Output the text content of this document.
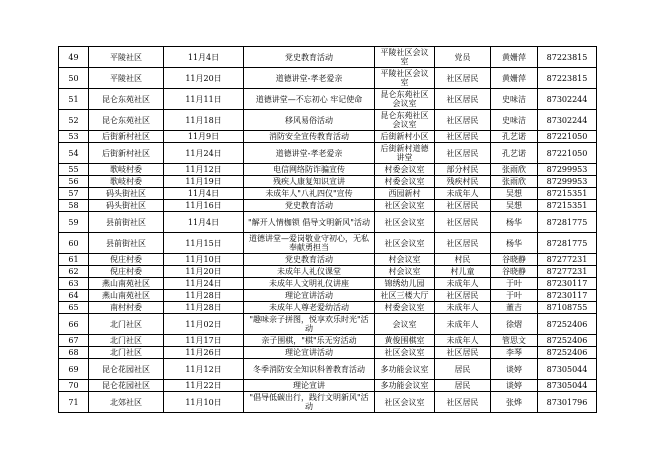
49	平陵社区	11月4日	党史教育活动	平陵社区会议室	党员	黄姗萍	87223815
50	平陵社区	11月20日	道德讲堂-孝老爱亲	平陵社区会议室	社区居民	黄姗萍	87223815
51	昆仑东苑社区	11月11日	道德讲堂—不忘初心 牢记使命	昆仑东苑社区会议室	社区居民	史味洁	87302244
52	昆仑东苑社区	11月18日	移风易俗活动	昆仑东苑社区会议室	社区居民	史味洁	87302244
53	后街新村社区	11月9日	消防安全宣传教育活动	后街新村小区	社区居民	孔艺诺	87221050
54	后街新村社区	11月24日	道德讲堂-孝老爱亲	后街新村道德讲堂	社区居民	孔艺诺	87221050
55	歌岐村委	11月12日	电信网络防诈骗宣传	村委会议室	部分村民	张雨欣	87299953
56	歌岐村委	11月19日	残疾人康复知识宣讲	村委会议室	残疾村民	张雨欣	87299953
57	码头街社区	11月4日	未成年人"八礼四仪"宣传	西园新村	未成年人	吴想	87215351
58	码头街社区	11月16日	党史教育活动	社区会议室	社区居民	吴想	87215351
59	县前街社区	11月4日	"解开人情枷锁 倡导文明新风"活动	社区会议室	社区居民	杨华	87281775
60	县前街社区	11月15日	道德讲堂—爱岗敬业守初心，无私奉献勇担当	社区会议室	社区居民	杨华	87281775
61	倪庄村委	11月10日	党史教育活动	村会议室	村民	谷晓静	87277231
62	倪庄村委	11月20日	未成年人礼仪课堂	村会议室	村儿童	谷晓静	87277231
63	燕山南苑社区	11月24日	未成年人文明礼仪讲座	锦绣幼儿园	未成年人	于叶	87230117
64	燕山南苑社区	11月28日	理论宣讲活动	社区三楼大厅	社区居民	于叶	87230117
65	南村村委	11月28日	未成年人尊老爱幼活动	村委会议室	未成年人	董吉	87108755
66	北门社区	11月02日	"趣味亲子拼图，悦享欢乐时光"活动	会议室	未成年人	徐熠	87252406
67	北门社区	11月17日	亲子围棋，"棋"乐无穷活动	黄俊围棋室	未成年人	管思文	87252406
68	北门社区	11月26日	理论宣讲活动	社区会议室	社区居民	李琴	87252406
69	昆仑花园社区	11月12日	冬季消防安全知识科普教育活动	多功能会议室	居民	谈婷	87305044
70	昆仑花园社区	11月22日	理论宣讲	多功能会议室	居民	谈婷	87305044
71	北郊社区	11月10日	"倡导低碳出行，践行文明新风"活动	社区会议室	社区居民	张烨	87301796
